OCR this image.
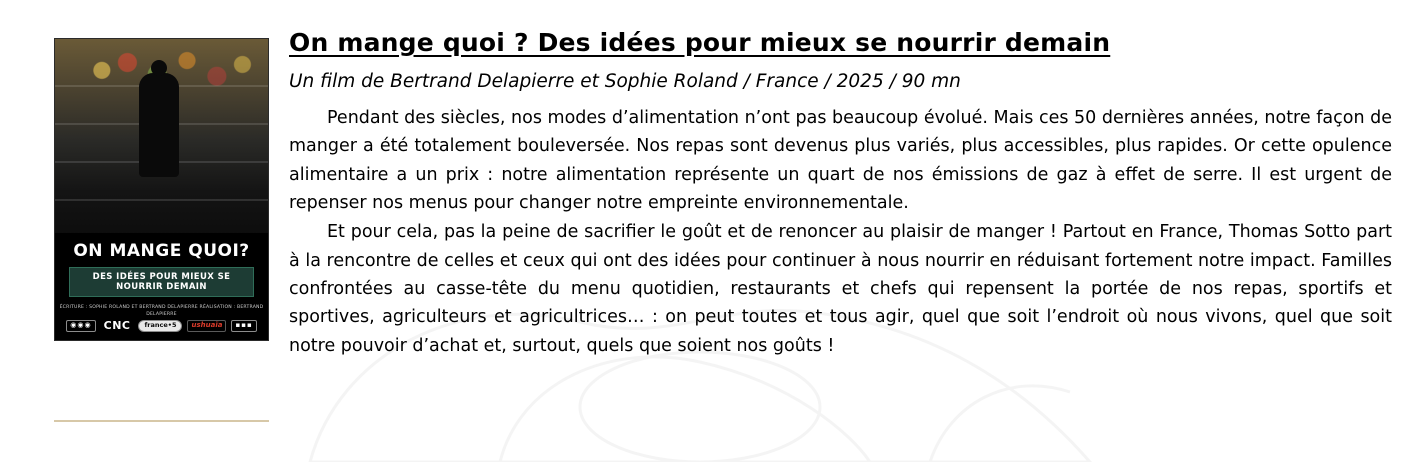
ON MANGE QUOI?
DES IDÉES POUR MIEUX SE NOURRIR DEMAIN
ÉCRITURE : SOPHIE ROLAND ET BERTRAND DELAPIERRE RÉALISATION : BERTRAND DELAPIERRE
◉◉◉	CNC	france•5	ushuaïa	▪▪▪
On mange quoi ? Des idées pour mieux se nourrir demain
Un film de Bertrand Delapierre et Sophie Roland / France / 2025 / 90 mn

Pendant des siècles, nos modes d’alimentation n’ont pas beaucoup évolué. Mais ces 50 dernières années, notre façon de manger a été totalement bouleversée. Nos repas sont devenus plus variés, plus accessibles, plus rapides. Or cette opulence alimentaire a un prix : notre alimentation représente un quart de nos émissions de gaz à effet de serre. Il est urgent de repenser nos menus pour changer notre empreinte environnementale.

Et pour cela, pas la peine de sacrifier le goût et de renoncer au plaisir de manger ! Partout en France, Thomas Sotto part à la rencontre de celles et ceux qui ont des idées pour continuer à nous nourrir en réduisant fortement notre impact. Familles confrontées au casse-tête du menu quotidien, restaurants et chefs qui repensent la portée de nos repas, sportifs et sportives, agriculteurs et agricultrices… : on peut toutes et tous agir, quel que soit l’endroit où nous vivons, quel que soit notre pouvoir d’achat et, surtout, quels que soient nos goûts !
